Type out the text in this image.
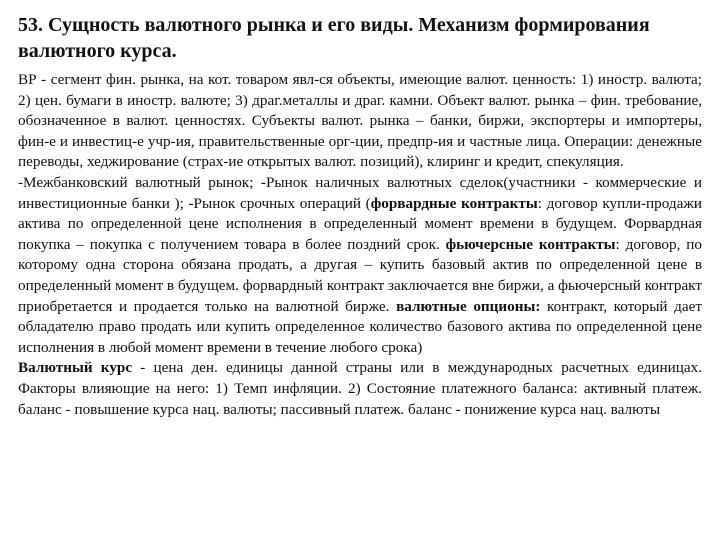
53. Сущность валютного рынка и его виды. Механизм формирования валютного курса.

ВР - сегмент фин. рынка, на кот. товаром явл-ся объекты, имеющие валют. ценность: 1) иностр. валюта; 2) цен. бумаги в иностр. валюте; 3) драг.металлы и драг. камни. Объект валют. рынка – фин. требование, обозначенное в валют. ценностях. Субъекты валют. рынка – банки, биржи, экспортеры и импортеры, фин-е и инвестиц-е учр-ия, правительственные орг-ции, предпр-ия и частные лица. Операции: денежные переводы, хеджирование (страх-ие открытых валют. позиций), клиринг и кредит, спекуляция.

-Межбанковский валютный рынок; -Рынок наличных валютных сделок(участники - коммерческие и инвестиционные банки ); -Рынок срочных операций (форвардные контракты: договор купли-продажи актива по определенной цене исполнения в определенный момент времени в будущем. Форвардная покупка – покупка с получением товара в более поздний срок. фьючерсные контракты: договор, по которому одна сторона обязана продать, а другая – купить базовый актив по определенной цене в определенный момент в будущем. форвардный контракт заключается вне биржи, а фьючерсный контракт приобретается и продается только на валютной бирже. валютные опционы: контракт, который дает обладателю право продать или купить определенное количество базового актива по определенной цене исполнения в любой момент времени в течение любого срока)

Валютный курс - цена ден. единицы данной страны или в международных расчетных единицах. Факторы влияющие на него: 1) Темп инфляции. 2) Состояние платежного баланса: активный платеж. баланс - повышение курса нац. валюты; пассивный платеж. баланс - понижение курса нац. валюты
